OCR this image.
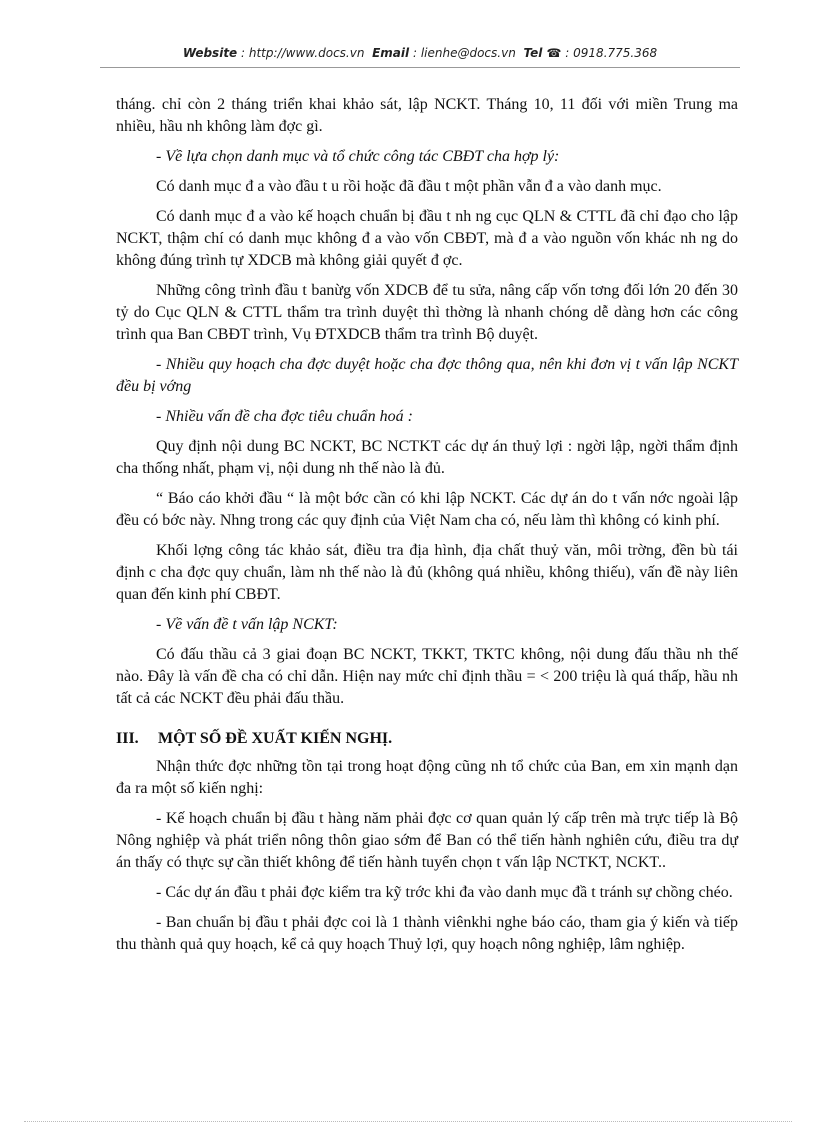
Website : http://www.docs.vn Email : lienhe@docs.vn Tel ☎ : 0918.775.368

tháng. chỉ còn 2 tháng triển khai khảo sát, lập NCKT. Tháng 10, 11 đối với miền Trung ma nhiều, hầu nh không làm đợc gì.

- Về lựa chọn danh mục và tổ chức công tác CBĐT cha hợp lý:

Có danh mục đ a vào đầu t u rồi hoặc đã đầu t một phần vẫn đ a vào danh mục.

Có danh mục đ a vào kế hoạch chuẩn bị đầu t nh ng cục QLN & CTTL đã chỉ đạo cho lập NCKT, thậm chí có danh mục không đ a vào vốn CBĐT, mà đ a vào nguồn vốn khác nh ng do không đúng trình tự XDCB mà không giải quyết đ ợc.

Những công trình đầu t banừg vốn XDCB để tu sửa, nâng cấp vốn tơng đối lớn 20 đến 30 tỷ do Cục QLN & CTTL thẩm tra trình duyệt thì thờng là nhanh chóng dễ dàng hơn các công trình qua Ban CBĐT trình, Vụ ĐTXDCB thẩm tra trình Bộ duyệt.

- Nhiều quy hoạch cha đợc duyệt hoặc cha đợc thông qua, nên khi đơn vị t vấn lập NCKT đều bị vớng

- Nhiều vấn đề cha đợc tiêu chuẩn hoá :

Quy định nội dung BC NCKT, BC NCTKT các dự án thuỷ lợi : ngời lập, ngời thẩm định cha thống nhất, phạm vị, nội dung nh thế nào là đủ.

“ Báo cáo khởi đầu “ là một bớc cần có khi lập NCKT. Các dự án do t vấn nớc ngoài lập đều có bớc này. Nhng trong các quy định của Việt Nam cha có, nếu làm thì không có kinh phí.

Khối lợng công tác khảo sát, điều tra địa hình, địa chất thuỷ văn, môi trờng, đền bù tái định c cha đợc quy chuẩn, làm nh thế nào là đủ (không quá nhiều, không thiếu), vấn đề này liên quan đến kinh phí CBĐT.

- Về vấn đề t vấn lập NCKT:

Có đấu thầu cả 3 giai đoạn BC NCKT, TKKT, TKTC không, nội dung đấu thầu nh thế nào. Đây là vấn đề cha có chỉ dẫn. Hiện nay mức chỉ định thầu = < 200 triệu là quá thấp, hầu nh tất cả các NCKT đều phải đấu thầu.

III. MỘT SỐ ĐỀ XUẤT KIẾN NGHỊ.

Nhận thức đợc những tồn tại trong hoạt động cũng nh tổ chức của Ban, em xin mạnh dạn đa ra một số kiến nghị:

- Kế hoạch chuẩn bị đầu t hàng năm phải đợc cơ quan quản lý cấp trên mà trực tiếp là Bộ Nông nghiệp và phát triển nông thôn giao sớm để Ban có thể tiến hành nghiên cứu, điều tra dự án thấy có thực sự cần thiết không để tiến hành tuyển chọn t vấn lập NCTKT, NCKT..

- Các dự án đầu t phải đợc kiểm tra kỹ trớc khi đa vào danh mục đầ t tránh sự chồng chéo.

- Ban chuẩn bị đầu t phải đợc coi là 1 thành viênkhi nghe báo cáo, tham gia ý kiến và tiếp thu thành quả quy hoạch, kể cả quy hoạch Thuỷ lợi, quy hoạch nông nghiệp, lâm nghiệp.
